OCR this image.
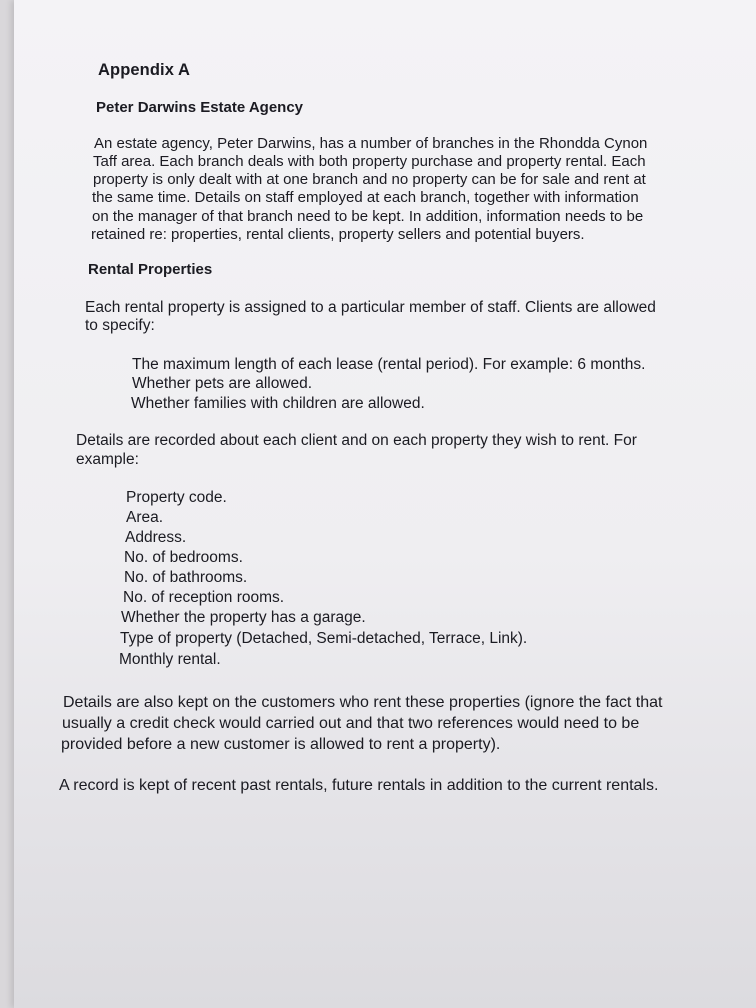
Appendix A

Peter Darwins Estate Agency

An estate agency, Peter Darwins, has a number of branches in the Rhondda Cynon

Taff area. Each branch deals with both property purchase and property rental. Each

property is only dealt with at one branch and no property can be for sale and rent at

the same time. Details on staff employed at each branch, together with information

on the manager of that branch need to be kept. In addition, information needs to be

retained re: properties, rental clients, property sellers and potential buyers.

Rental Properties

Each rental property is assigned to a particular member of staff. Clients are allowed

to specify:

The maximum length of each lease (rental period). For example: 6 months.

Whether pets are allowed.

Whether families with children are allowed.

Details are recorded about each client and on each property they wish to rent. For

example:

Property code.

Area.

Address.

No. of bedrooms.

No. of bathrooms.

No. of reception rooms.

Whether the property has a garage.

Type of property (Detached, Semi-detached, Terrace, Link).

Monthly rental.

Details are also kept on the customers who rent these properties (ignore the fact that

usually a credit check would carried out and that two references would need to be

provided before a new customer is allowed to rent a property).

A record is kept of recent past rentals, future rentals in addition to the current rentals.
